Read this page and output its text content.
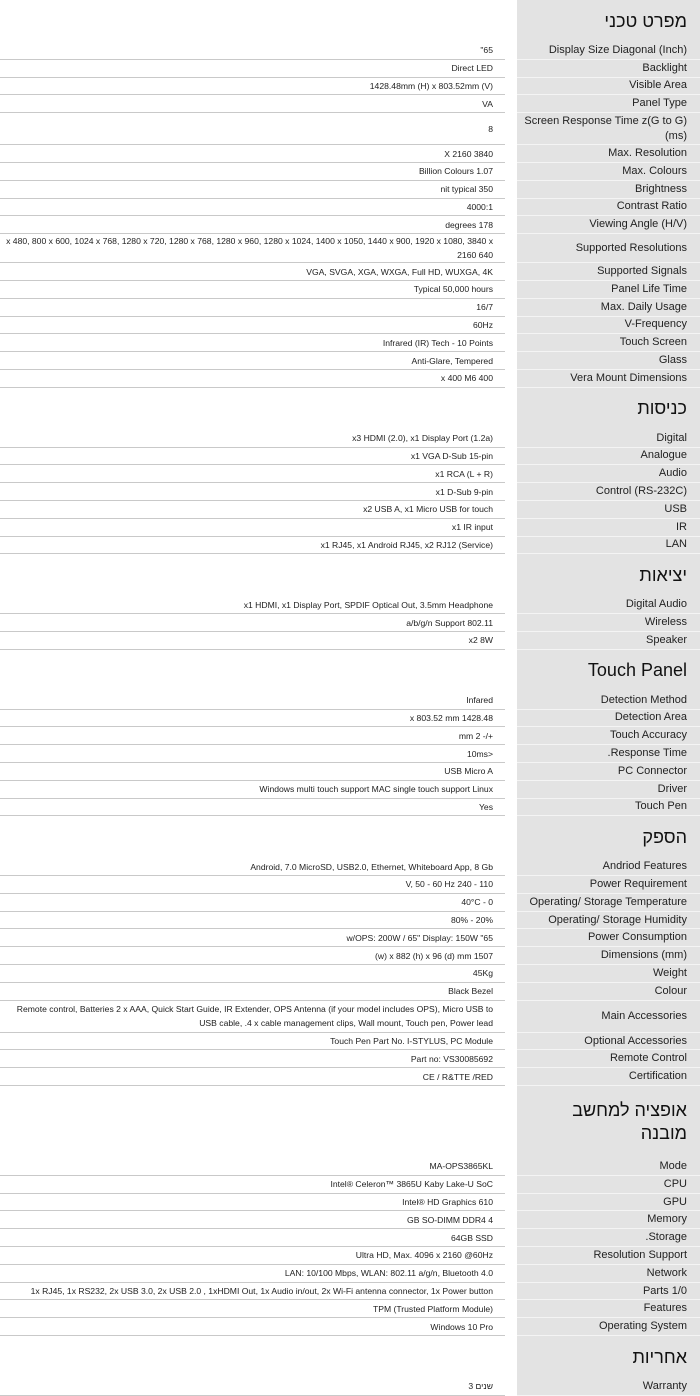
		מפרט טכני
"65		Display Size Diagonal (Inch)
Direct LED		Backlight
1428.48mm (H) x 803.52mm (V)		Visible Area
VA		Panel Type
8		Screen Response Time z(G to G) (ms)
X 2160 3840		Max. Resolution
Billion Colours 1.07		Max. Colours
nit typical 350		Brightness
4000:1		Contrast Ratio
degrees 178		Viewing Angle (H/V)
x 480, 800 x 600, 1024 x 768, 1280 x 720, 1280 x 768, 1280 x 960, 1280 x 1024, 1400 x 1050, 1440 x 900, 1920 x 1080, 3840 x 2160 640		Supported Resolutions
VGA, SVGA, XGA, WXGA, Full HD, WUXGA, 4K		Supported Signals
Typical 50,000 hours		Panel Life Time
16/7		Max. Daily Usage
60Hz		V-Frequency
Infrared (IR) Tech - 10 Points		Touch Screen
Anti-Glare, Tempered		Glass
x 400 M6 400		Vera Mount Dimensions
		כניסות
x3 HDMI (2.0), x1 Display Port (1.2a)		Digital
x1 VGA D-Sub 15-pin		Analogue
x1 RCA (L + R)		Audio
x1 D-Sub 9-pin		Control (RS-232C)
x2 USB A, x1 Micro USB for touch		USB
x1 IR input		IR
x1 RJ45, x1 Android RJ45, x2 RJ12 (Service)		LAN
		יציאות
x1 HDMI, x1 Display Port, SPDIF Optical Out, 3.5mm Headphone		Digital Audio
a/b/g/n Support 802.11		Wireless
x2 8W		Speaker
		Touch Panel
Infared		Detection Method
x 803.52 mm 1428.48		Detection Area
mm 2 -/+		Touch Accuracy
10ms>		.Response Time
USB Micro A		PC Connector
Windows multi touch support MAC single touch support Linux		Driver
Yes		Touch Pen
		הספק
Android, 7.0 MicroSD, USB2.0, Ethernet, Whiteboard App, 8 Gb		Andriod Features
V, 50 - 60 Hz 240 - 110		Power Requirement
40°C - 0		Operating/ Storage Temperature
80% - 20%		Operating/ Storage Humidity
w/OPS: 200W / 65" Display: 150W "65		Power Consumption
(w) x 882 (h) x 96 (d) mm 1507		Dimensions (mm)
45Kg		Weight
Black Bezel		Colour
Remote control, Batteries 2 x AAA, Quick Start Guide, IR Extender, OPS Antenna (if your model includes OPS), Micro USB to USB cable, .4 x cable management clips, Wall mount, Touch pen, Power lead		Main Accessories
Touch Pen Part No. I-STYLUS, PC Module		Optional Accessories
Part no: VS30085692		Remote Control
CE / R&TTE /RED		Certification
		אופציה למחשב מובנה
MA-OPS3865KL		Mode
Intel® Celeron™ 3865U Kaby Lake-U SoC		CPU
Intel® HD Graphics 610		GPU
GB SO-DIMM DDR4 4		Memory
64GB SSD		.Storage
Ultra HD, Max. 4096 x 2160 @60Hz		Resolution Support
LAN: 10/100 Mbps, WLAN: 802.11 a/g/n, Bluetooth 4.0		Network
1x RJ45, 1x RS232, 2x USB 3.0, 2x USB 2.0 , 1xHDMI Out, 1x Audio in/out, 2x Wi-Fi antenna connector, 1x Power button		Parts 1/0
TPM (Trusted Platform Module)		Features
Windows 10 Pro		Operating System
		אחריות
3 שנים		Warranty
